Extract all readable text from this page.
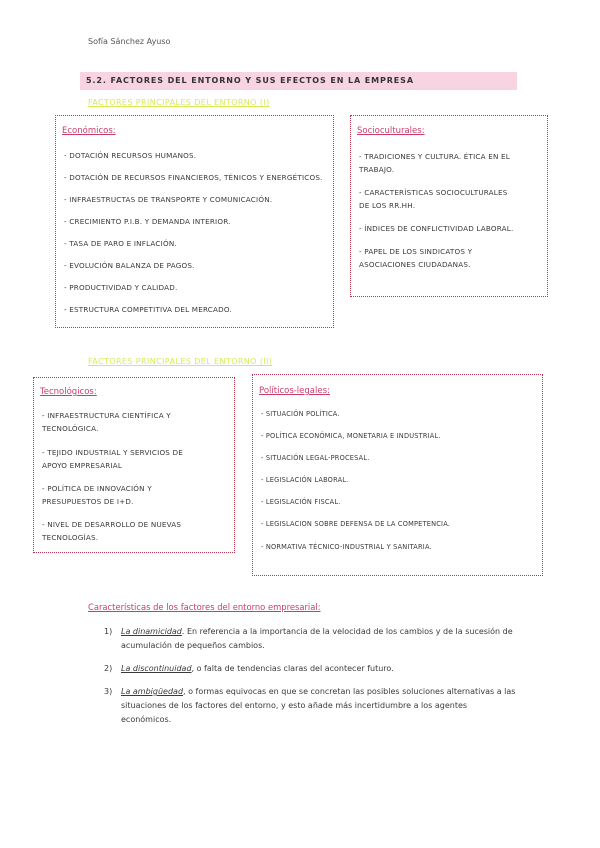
Sofía Sánchez Ayuso
5.2. FACTORES DEL ENTORNO Y SUS EFECTOS EN LA EMPRESA
FACTORES PRINCIPALES DEL ENTORNO (I)
Económicos:
- DOTACIÓN RECURSOS HUMANOS.
- DOTACIÓN DE RECURSOS FINANCIEROS, TÉNICOS Y ENERGÉTICOS.
- INFRAESTRUCTAS DE TRANSPORTE Y COMUNICACIÓN.
- CRECIMIENTO P.I.B. Y DEMANDA INTERIOR.
- TASA DE PARO E INFLACIÓN.
- EVOLUCIÓN BALANZA DE PAGOS.
- PRODUCTIVIDAD Y CALIDAD.
- ESTRUCTURA COMPETITIVA DEL MERCADO.
Socioculturales:
- TRADICIONES Y CULTURA. ÉTICA EN EL
TRABAJO.
- CARACTERÍSTICAS SOCIOCULTURALES
DE LOS RR.HH.
- ÍNDICES DE CONFLICTIVIDAD LABORAL.
- PAPEL DE LOS SINDICATOS Y
ASOCIACIONES CIUDADANAS.
FACTORES PRINCIPALES DEL ENTORNO (II)
Tecnológicos:
- INFRAESTRUCTURA CIENTÍFICA Y
TECNOLÓGICA.
- TEJIDO INDUSTRIAL Y SERVICIOS DE
APOYO EMPRESARIAL
- POLÍTICA DE INNOVACIÓN Y
PRESUPUESTOS DE I+D.
- NIVEL DE DESARROLLO DE NUEVAS
TECNOLOGÍAS.
Políticos-legales:
- SITUACIÓN POLÍTICA.
- POLÍTICA ECONÓMICA, MONETARIA E INDUSTRIAL.
- SITUACIÓN LEGAL-PROCESAL.
- LEGISLACIÓN LABORAL.
- LEGISLACIÓN FISCAL.
- LEGISLACION SOBRE DEFENSA DE LA COMPETENCIA.
- NORMATIVA TÉCNICO-INDUSTRIAL Y SANITARIA.
Características de los factores del entorno empresarial:
1) La dinamicidad. En referencia a la importancia de la velocidad de los cambios y de la sucesión de acumulación de pequeños cambios.
2) La discontinuidad, o falta de tendencias claras del acontecer futuro.
3) La ambigüedad, o formas equivocas en que se concretan las posibles soluciones alternativas a las situaciones de los factores del entorno, y esto añade más incertidumbre a los agentes económicos.
